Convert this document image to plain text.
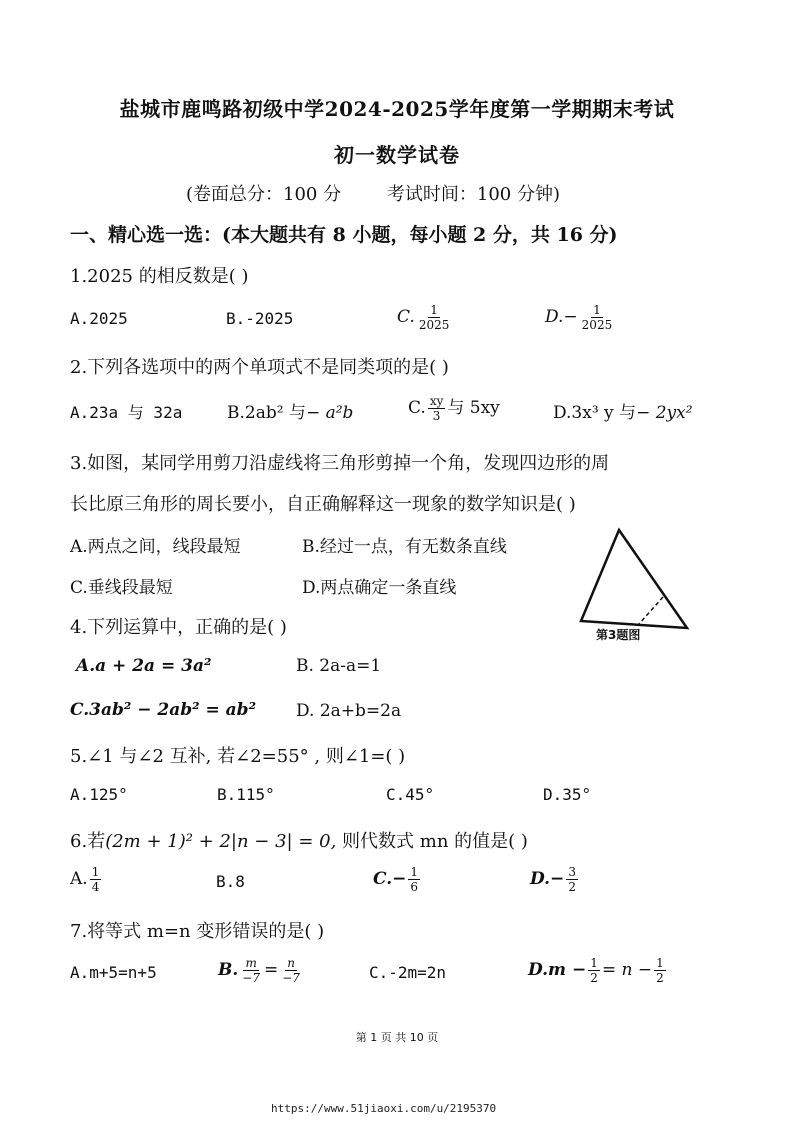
盐城市鹿鸣路初级中学2024-2025学年度第一学期期末考试
初一数学试卷
(卷面总分：100 分        考试时间：100 分钟)
一、精心选一选：(本大题共有 8 小题，每小题 2 分，共 16 分)
1.2025 的相反数是( )
A.2025	B.-2025	C. $\frac{1}{2025}$	$D.- \frac{1}{2025}$
2.下列各选项中的两个单项式不是同类项的是( )
A.23a 与 32a	B.2ab² 与− a²b	C. $\frac{xy}{3}$ 与 5xy	D.3x³ y 与− 2yx²
3.如图，某同学用剪刀沿虚线将三角形剪掉一个角，发现四边形的周
长比原三角形的周长要小，自正确解释这一现象的数学知识是( )
A.两点之间，线段最短	B.经过一点，有无数条直线
C.垂线段最短	D.两点确定一条直线
第3题图
4.下列运算中，正确的是( )
A.a + 2a = 3a²	B. 2a-a=1
C.3ab² − 2ab² = ab² D. 2a+b=2a
5.∠1 与∠2 互补, 若∠2=55° , 则∠1=( )
A.125°	B.115°	C.45°	D.35°
6.若(2m + 1)² + 2|n − 3| = 0, 则代数式 mn 的值是( )
A. $\frac{1}{4}$	B.8	$C.- \frac{1}{6}$	$D.- \frac{3}{2}$
7.将等式 m=n 变形错误的是( )
A.m+5=n+5	B. $\frac{m}{-7} = \frac{n}{-7}$	C.-2m=2n	$D.m - \frac{1}{2} = n - \frac{1}{2}$
第 1 页 共 10 页
https://www.51jiaoxi.com/u/2195370
